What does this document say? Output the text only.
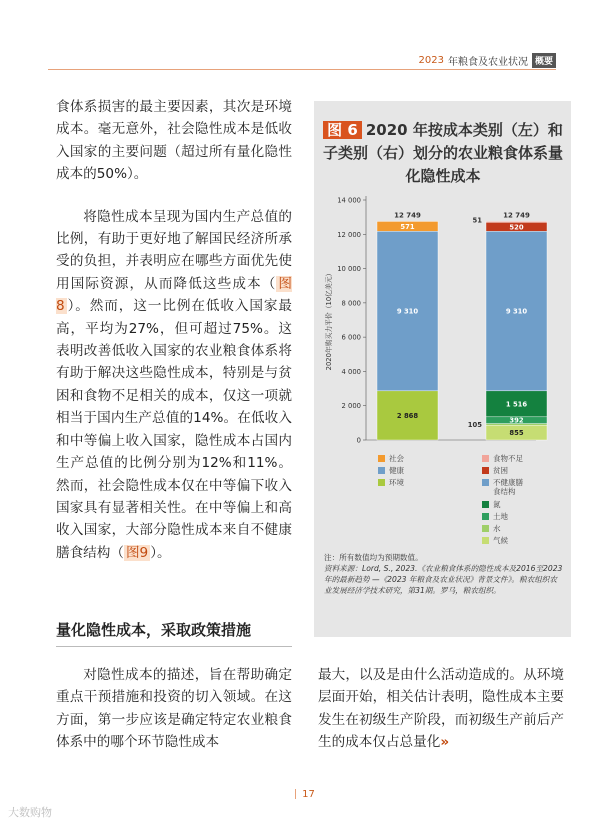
2023 年粮食及农业状况 概要

食体系损害的最主要因素，其次是环境成本。毫无意外，社会隐性成本是低收入国家的主要问题（超过所有量化隐性成本的50%）。

将隐性成本呈现为国内生产总值的比例，有助于更好地了解国民经济所承受的负担，并表明应在哪些方面优先使用国际资源，从而降低这些成本（ 图8 ）。然而，这一比例在低收入国家最高，平均为27%，但可超过75%。这表明改善低收入国家的农业粮食体系将有助于解决这些隐性成本，特别是与贫困和食物不足相关的成本，仅这一项就相当于国内生产总值的14%。在低收入和中等偏上收入国家，隐性成本占国内生产总值的比例分别为12%和11%。然而，社会隐性成本仅在中等偏下收入国家具有显著相关性。在中等偏上和高收入国家，大部分隐性成本来自不健康膳食结构（ 图9 ）。

量化隐性成本，采取政策措施
对隐性成本的描述，旨在帮助确定重点干预措施和投资的切入领域。在这方面，第一步应该是确定特定农业粮食体系中的哪个环节隐性成本
最大，以及是由什么活动造成的。从环境层面开始，相关估计表明，隐性成本主要发生在初级生产阶段，而初级生产前后产生的成本仅占总量化»
图 6 2020 年按成本类别（左）和子类别（右）划分的农业粮食体系量化隐性成本
0
2 000
4 000
6 000
8 000
10 000
12 000
14 000
2020年购买力平价（10亿美元）
2 868
9 310
571
12 749
855
105
392
1 516
9 310
520
51
12 749
社会
健康
环境
食物不足
贫困
不健康膳食结构
氮
土地
水
气候
注：所有数值均为预期数值。
资料来源：Lord, S., 2023.《农业粮食体系的隐性成本及2016至2023年的最新趋势 —《2023 年粮食及农业状况》背景文件》。粮农组织农业发展经济学技术研究，第31期。罗马，粮农组织。
17
大数购物
